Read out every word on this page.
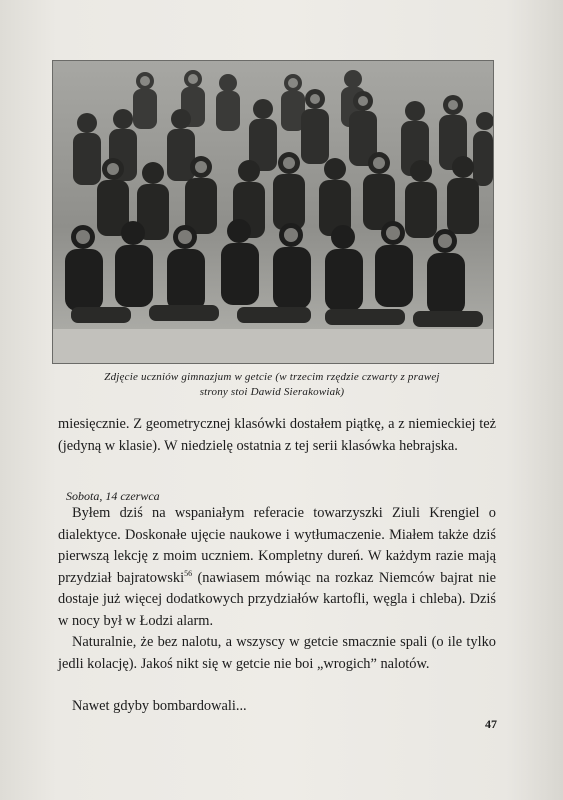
Zdjęcie uczniów gimnazjum w getcie (w trzecim rzędzie czwarty z prawej
strony stoi Dawid Sierakowiak)

miesięcznie. Z geometrycznej klasówki dostałem piątkę, a z niemieckiej też (jedyną w klasie). W niedzielę ostatnia z tej serii klasówka hebrajska.

Sobota, 14 czerwca

Byłem dziś na wspaniałym referacie towarzyszki Ziuli Krengiel o dialektyce. Doskonałe ujęcie naukowe i wytłumaczenie. Miałem także dziś pierwszą lekcję z moim uczniem. Kompletny dureń. W każdym razie mają przydział bajratowski$^{56}$ (nawiasem mówiąc na rozkaz Niemców bajrat nie dostaje już więcej dodatkowych przydziałów kartofli, węgla i chleba). Dziś w nocy był w Łodzi alarm.

Naturalnie, że bez nalotu, a wszyscy w getcie smacznie spali (o ile tylko jedli kolację). Jakoś nikt się w getcie nie boi „wrogich” nalotów.

Nawet gdyby bombardowali...

47
